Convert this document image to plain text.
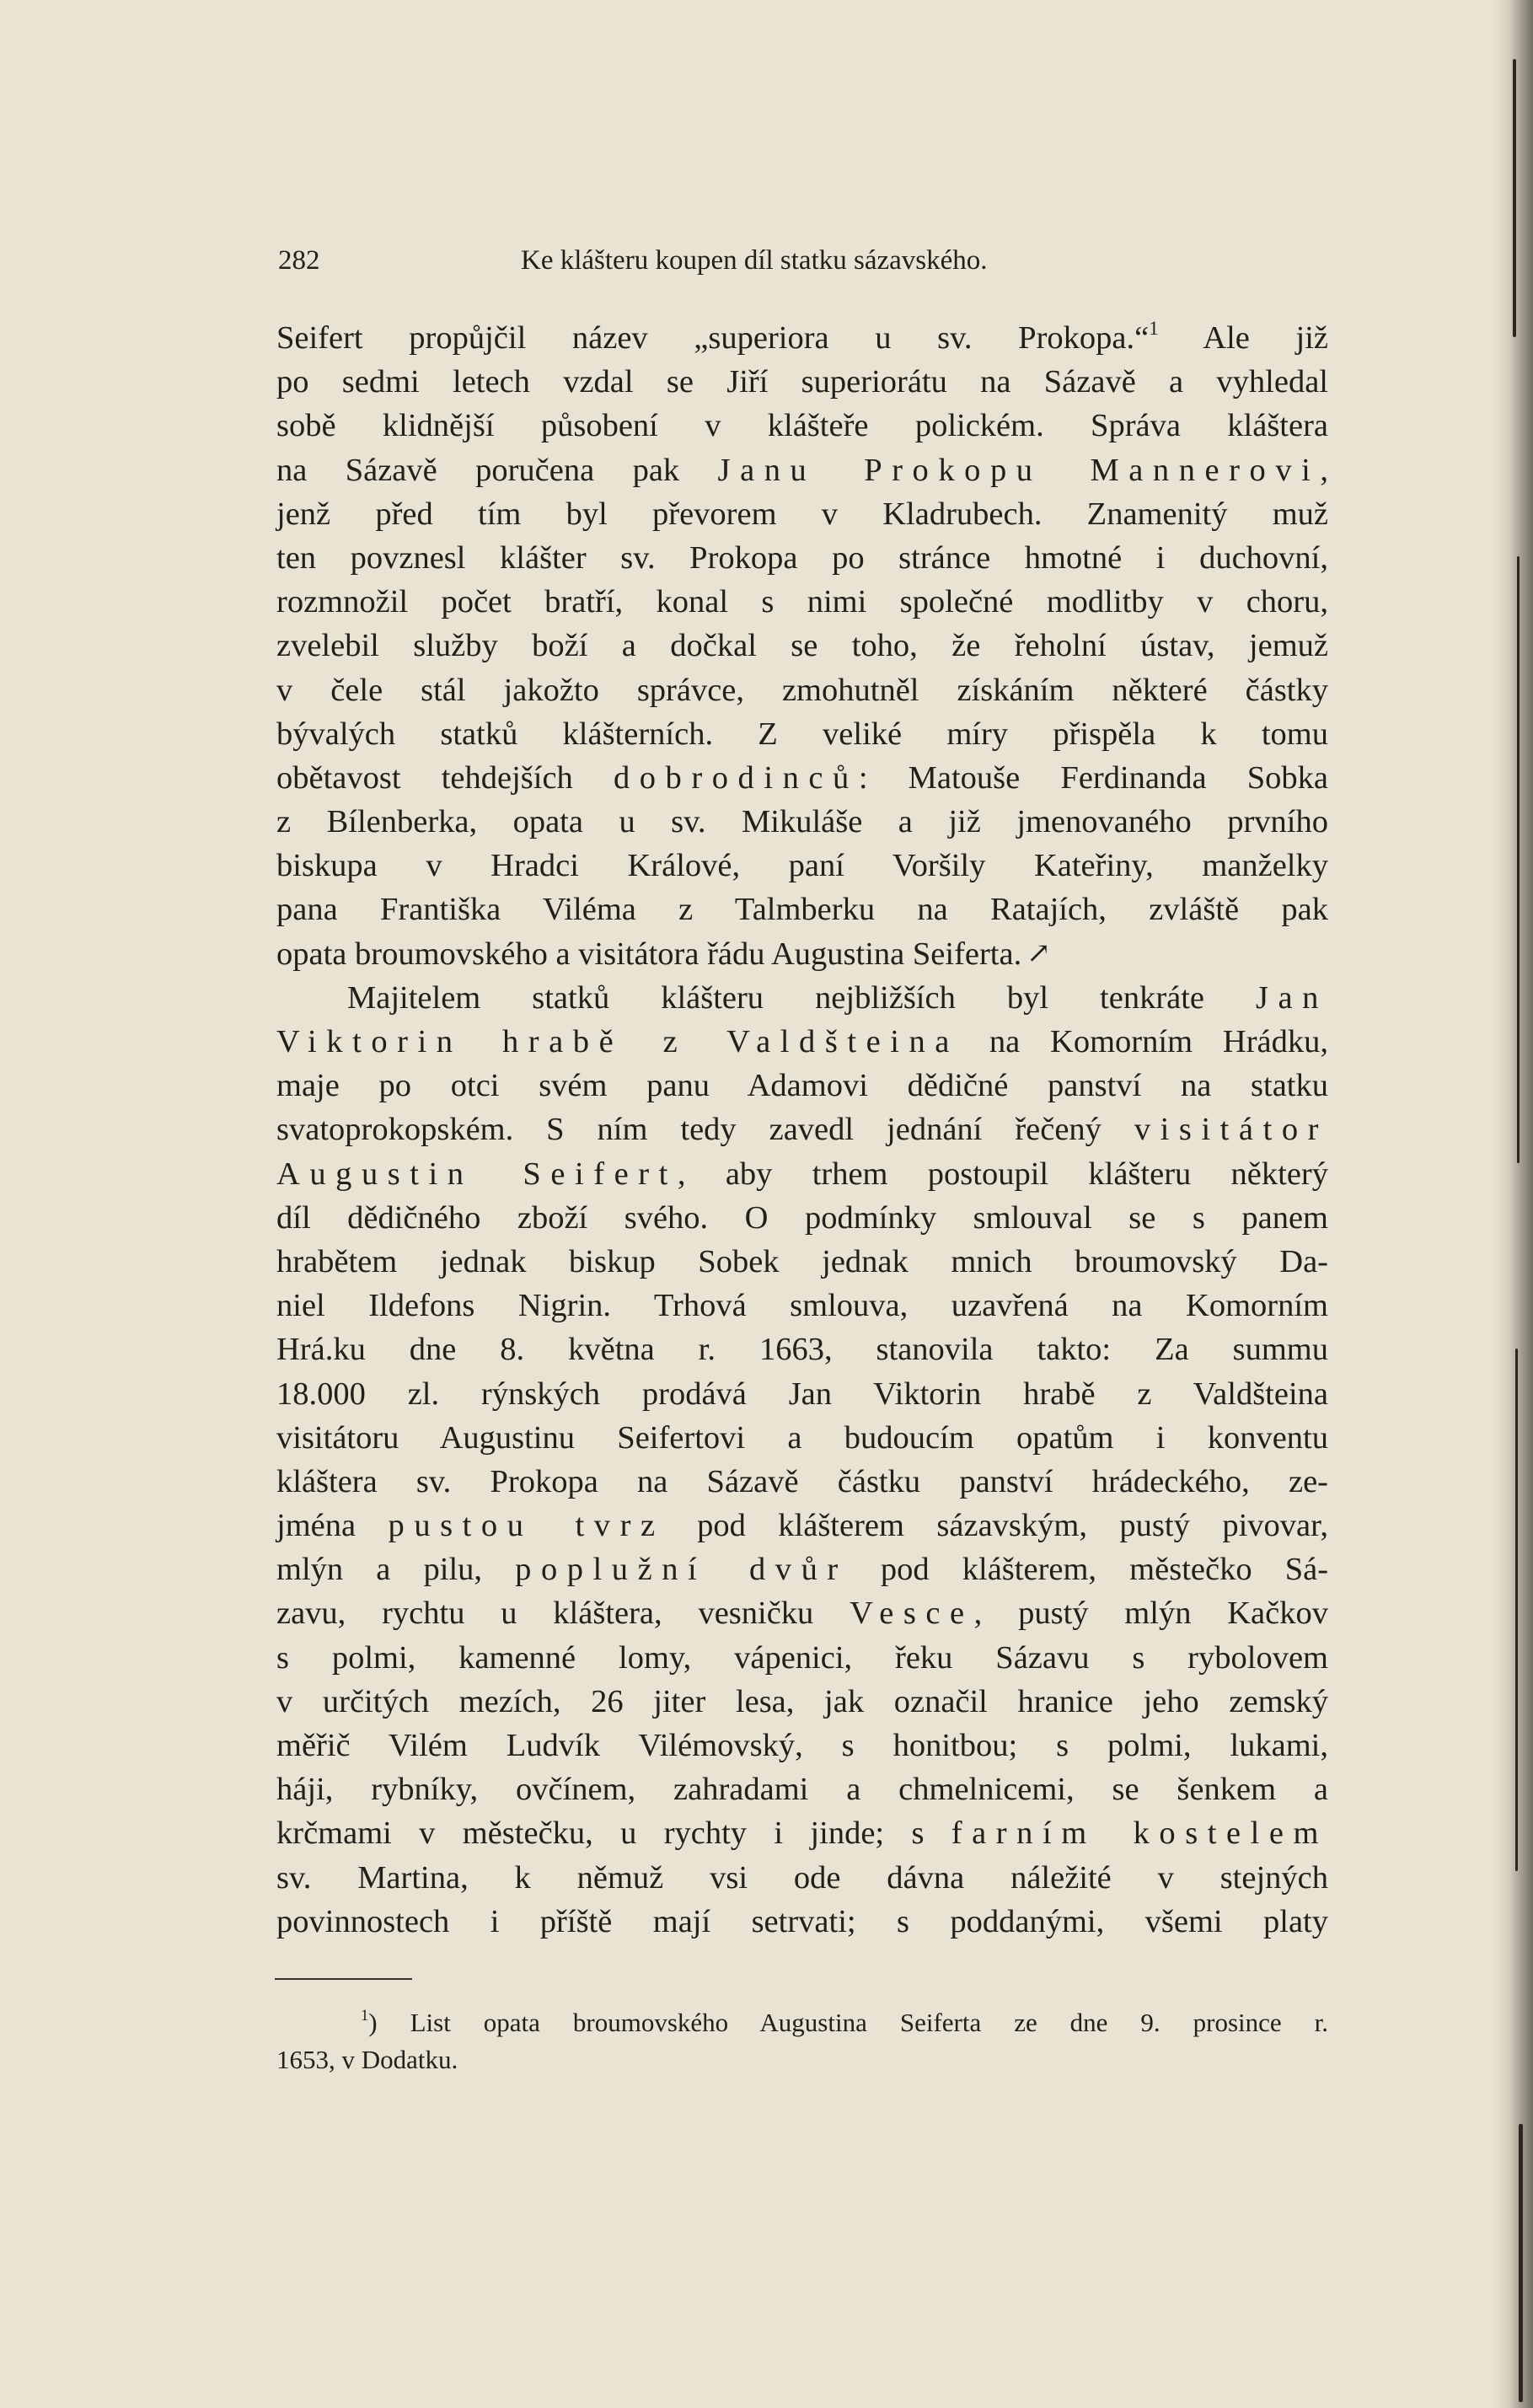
282	Ke klášteru koupen díl statku sázavského.
Seifert propůjčil název „superiora u sv. Prokopa.“$^1$ Ale již
po sedmi letech vzdal se Jiří superiorátu na Sázavě a vyhledal
sobě klidnější působení v klášteře polickém. Správa kláštera
na Sázavě poručena pak Janu Prokopu Mannerovi,
jenž před tím byl převorem v Kladrubech. Znamenitý muž
ten povznesl klášter sv. Prokopa po stránce hmotné i duchovní,
rozmnožil počet bratří, konal s nimi společné modlitby v choru,
zvelebil služby boží a dočkal se toho, že řeholní ústav, jemuž
v čele stál jakožto správce, zmohutněl získáním některé částky
bývalých statků klášterních. Z veliké míry přispěla k tomu
obětavost tehdejších dobrodinců: Matouše Ferdinanda Sobka
z Bílenberka, opata u sv. Mikuláše a již jmenovaného prvního
biskupa v Hradci Králové, paní Voršily Kateřiny, manželky
pana Františka Viléma z Talmberku na Ratajích, zvláště pak
opata broumovského a visitátora řádu Augustina Seiferta. ↗
Majitelem statků klášteru nejbližších byl tenkráte Jan
Viktorin hrabě z Valdšteina na Komorním Hrádku,
maje po otci svém panu Adamovi dědičné panství na statku
svatoprokopském. S ním tedy zavedl jednání řečený visitátor
Augustin Seifert, aby trhem postoupil klášteru některý
díl dědičného zboží svého. O podmínky smlouval se s panem
hrabětem jednak biskup Sobek jednak mnich broumovský Da-
niel Ildefons Nigrin. Trhová smlouva, uzavřená na Komorním
Hrá.ku dne 8. května r. 1663, stanovila takto: Za summu
18.000 zl. rýnských prodává Jan Viktorin hrabě z Valdšteina
visitátoru Augustinu Seifertovi a budoucím opatům i konventu
kláštera sv. Prokopa na Sázavě částku panství hrádeckého, ze-
jména pustou tvrz pod klášterem sázavským, pustý pivovar,
mlýn a pilu, poplužní dvůr pod klášterem, městečko Sá-
zavu, rychtu u kláštera, vesničku Vesce, pustý mlýn Kačkov
s polmi, kamenné lomy, vápenici, řeku Sázavu s rybolovem
v určitých mezích, 26 jiter lesa, jak označil hranice jeho zemský
měřič Vilém Ludvík Vilémovský, s honitbou; s polmi, lukami,
háji, rybníky, ovčínem, zahradami a chmelnicemi, se šenkem a
krčmami v městečku, u rychty i jinde; s farním kostelem
sv. Martina, k němuž vsi ode dávna náležité v stejných
povinnostech i příště mají setrvati; s poddanými, všemi platy
$^1$) List opata broumovského Augustina Seiferta ze dne 9. prosince r.
1653, v Dodatku.
